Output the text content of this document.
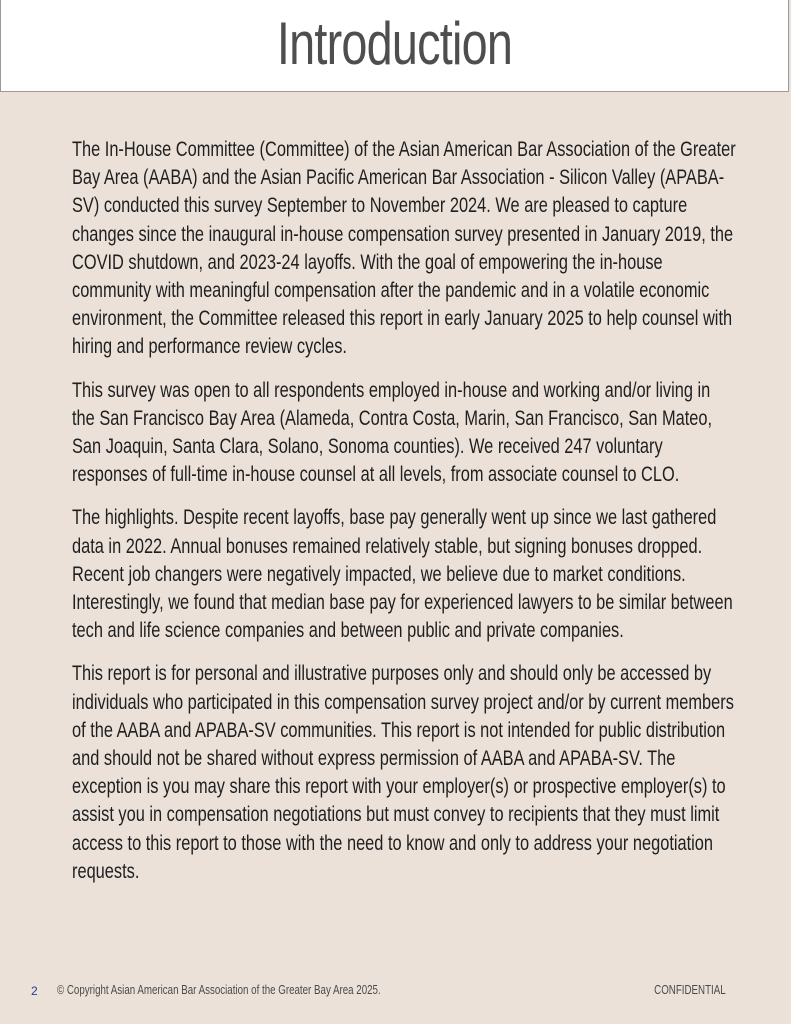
Introduction

The In-House Committee (Committee) of the Asian American Bar Association of the Greater Bay Area (AABA) and the Asian Pacific American Bar Association - Silicon Valley (APABA-SV) conducted this survey September to November 2024. We are pleased to capture changes since the inaugural in-house compensation survey presented in January 2019, the COVID shutdown, and 2023-24 layoffs. With the goal of empowering the in-house community with meaningful compensation after the pandemic and in a volatile economic environment, the Committee released this report in early January 2025 to help counsel with hiring and performance review cycles.

This survey was open to all respondents employed in-house and working and/or living in the San Francisco Bay Area (Alameda, Contra Costa, Marin, San Francisco, San Mateo, San Joaquin, Santa Clara, Solano, Sonoma counties). We received 247 voluntary responses of full-time in-house counsel at all levels, from associate counsel to CLO.

The highlights. Despite recent layoffs, base pay generally went up since we last gathered data in 2022. Annual bonuses remained relatively stable, but signing bonuses dropped. Recent job changers were negatively impacted, we believe due to market conditions. Interestingly, we found that median base pay for experienced lawyers to be similar between tech and life science companies and between public and private companies.

This report is for personal and illustrative purposes only and should only be accessed by individuals who participated in this compensation survey project and/or by current members of the AABA and APABA-SV communities. This report is not intended for public distribution and should not be shared without express permission of AABA and APABA-SV. The exception is you may share this report with your employer(s) or prospective employer(s) to assist you in compensation negotiations but must convey to recipients that they must limit access to this report to those with the need to know and only to address your negotiation requests.

2 © Copyright Asian American Bar Association of the Greater Bay Area 2025.	CONFIDENTIAL
